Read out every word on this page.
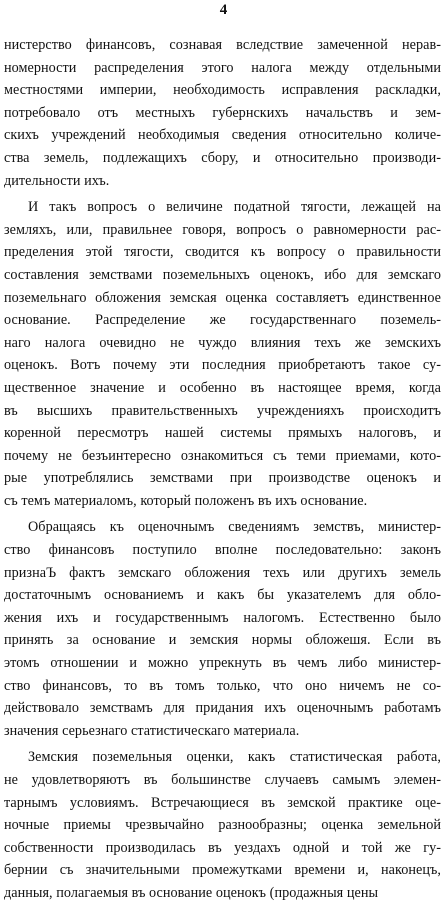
4
нистерство финансовъ, сознавая вследствие замеченной нерав-
номерности распределения этого налога между отдельными
местностями империи, необходимость исправления раскладки,
потребовало отъ местныхъ губернскихъ начальствъ и зем-
скихъ учреждений необходимыя сведения относительно количе-
ства земель, подлежащихъ сбору, и относительно производи-
дительности ихъ.
И такъ вопросъ о величине податной тягости, лежащей на
земляхъ, или, правильнее говоря, вопросъ о равномерности рас-
пределения этой тягости, сводится къ вопросу о правильности
составления земствами поземельныхъ оценокъ, ибо для земскаго
поземельнаго обложения земская оценка составляетъ единственное
основание. Распределение же государственнаго поземель-
наго налога очевидно не чуждо влияния техъ же земскихъ
оценокъ. Вотъ почему эти последния приобретаютъ такое су-
щественное значение и особенно въ настоящее время, когда
въ высшихъ правительственныхъ учрежденияхъ происходитъ
коренной пересмотръ нашей системы прямыхъ налоговъ, и
почему не безъинтересно ознакомиться съ теми приемами, кото-
рые употреблялись земствами при производстве оценокъ и
съ темъ материаломъ, который положенъ въ ихъ основание.
Обращаясь къ оценочнымъ сведениямъ земствъ, министер-
ство финансовъ поступило вполне последовательно: законъ
признаЪ фактъ земскаго обложения техъ или другихъ земель
достаточнымъ основаниемъ и какъ бы указателемъ для обло-
жения ихъ и государственнымъ налогомъ. Естественно было
принять за основание и земския нормы обложешя. Если въ
этомъ отношении и можно упрекнуть въ чемъ либо министер-
ство финансовъ, то въ томъ только, что оно ничемъ не со-
действовало земствамъ для придания ихъ оценочнымъ работамъ
значения серьезнаго статистическаго материала.
Земския поземельныя оценки, какъ статистическая работа,
не удовлетворяютъ въ большинстве случаевъ самымъ элемен-
тарнымъ условиямъ. Встречающиеся въ земской практике оце-
ночные приемы чрезвычайно разнообразны; оценка земельной
собственности производилась въ уездахъ одной и той же гу-
бернии съ значительными промежутками времени и, наконецъ,
данныя, полагаемыя въ основание оценокъ (продажныя цены
